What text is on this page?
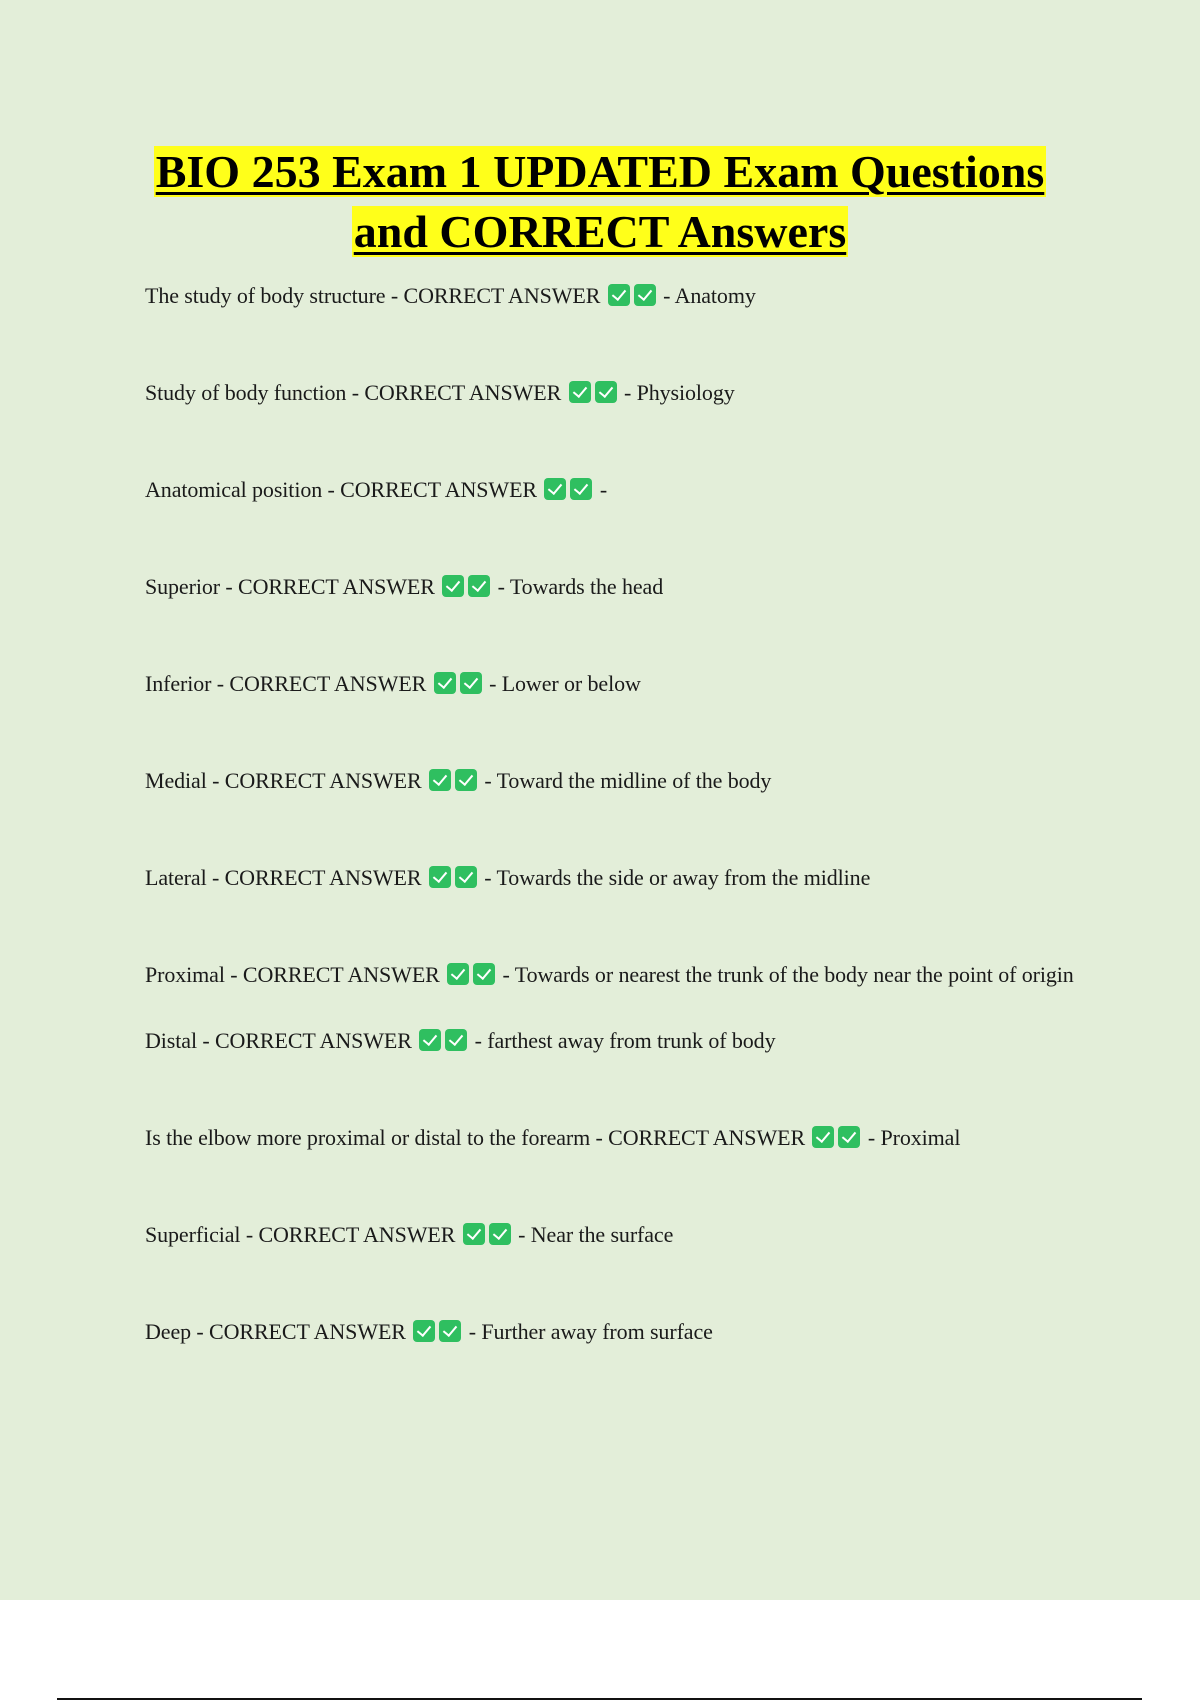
BIO 253 Exam 1 UPDATED Exam Questions
and CORRECT Answers
The study of body structure - CORRECT ANSWER	- Anatomy
Study of body function - CORRECT ANSWER	- Physiology
Anatomical position - CORRECT ANSWER	-
Superior - CORRECT ANSWER	- Towards the head
Inferior - CORRECT ANSWER	- Lower or below
Medial - CORRECT ANSWER	- Toward the midline of the body
Lateral - CORRECT ANSWER	- Towards the side or away from the midline
Proximal - CORRECT ANSWER	- Towards or nearest the trunk of the body near the point of origin
Distal - CORRECT ANSWER	- farthest away from trunk of body
Is the elbow more proximal or distal to the forearm - CORRECT ANSWER	- Proximal
Superficial - CORRECT ANSWER	- Near the surface
Deep - CORRECT ANSWER	- Further away from surface
